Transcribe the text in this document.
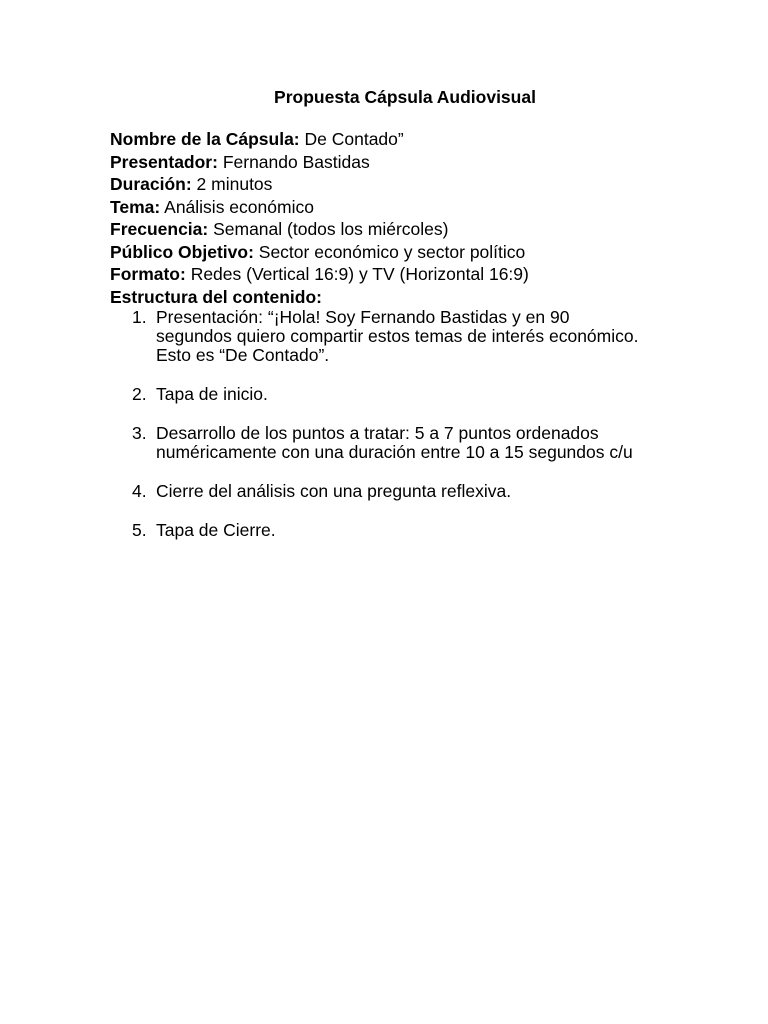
Propuesta Cápsula Audiovisual

Nombre de la Cápsula: De Contado”

Presentador: Fernando Bastidas

Duración: 2 minutos

Tema: Análisis económico

Frecuencia: Semanal (todos los miércoles)

Público Objetivo: Sector económico y sector político

Formato: Redes (Vertical 16:9) y TV (Horizontal 16:9)

Estructura del contenido:

1. Presentación: “¡Hola! Soy Fernando Bastidas y en 90
segundos quiero compartir estos temas de interés económico.
Esto es “De Contado”.
2. Tapa de inicio.
3. Desarrollo de los puntos a tratar: 5 a 7 puntos ordenados
numéricamente con una duración entre 10 a 15 segundos c/u
4. Cierre del análisis con una pregunta reflexiva.
5. Tapa de Cierre.
